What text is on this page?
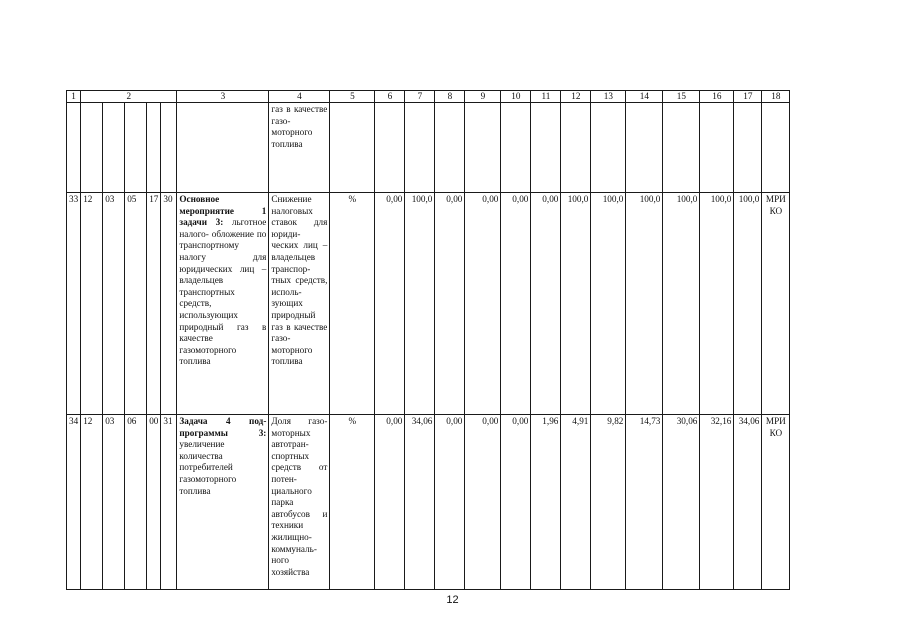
1	2					3	4	5	6	7	8	9	10	11	12	13	14	15	16	17	18
							газ в качестве газо- моторного топлива														
33	12	03	05	17	30	Основное мероприятие 1 задачи 3: льготное налого- обложение по транспортному налогу для юридических лиц – владельцев транспортных средств, использующих природный газ в качестве газомоторного топлива	Снижение налоговых ставок для юриди- ческих лиц – владельцев транспор- тных средств, исполь- зующих природный газ в качестве газо- моторного топлива	%	0,00	100,0	0,00	0,00	0,00	0,00	100,0	100,0	100,0	100,0	100,0	100,0	МРИ КО
34	12	03	06	00	31	Задача 4 под- программы 3: увеличение количества потребителей газомоторного топлива	Доля газо- моторных автотран- спортных средств от потен- циального парка автобусов и техники жилищно- коммуналь- ного хозяйства	%	0,00	34,06	0,00	0,00	0,00	1,96	4,91	9,82	14,73	30,06	32,16	34,06	МРИ КО
12
